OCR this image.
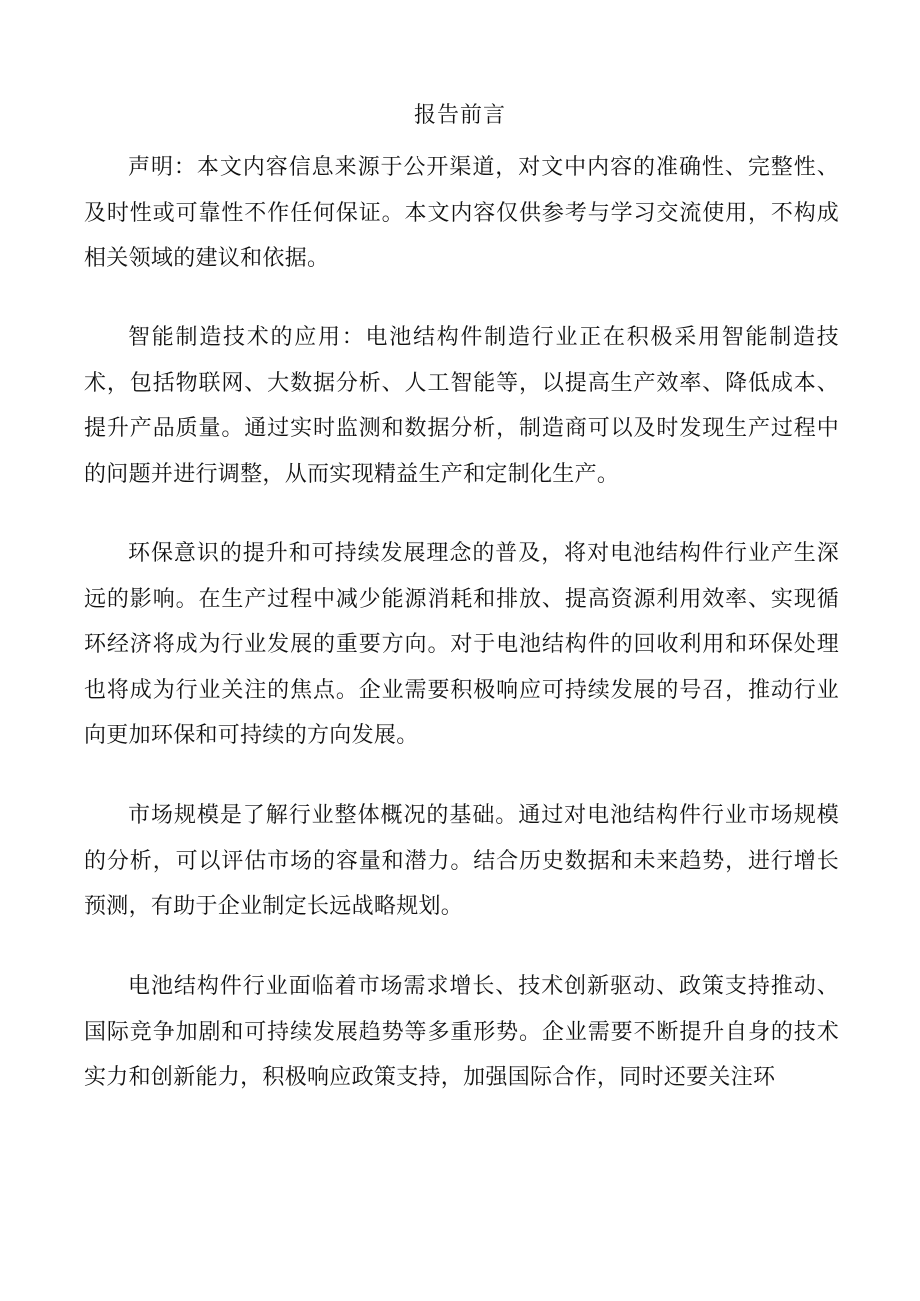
报告前言

声明：本文内容信息来源于公开渠道，对文中内容的准确性、完整性、及时性或可靠性不作任何保证。本文内容仅供参考与学习交流使用，不构成相关领域的建议和依据。

智能制造技术的应用：电池结构件制造行业正在积极采用智能制造技术，包括物联网、大数据分析、人工智能等，以提高生产效率、降低成本、提升产品质量。通过实时监测和数据分析，制造商可以及时发现生产过程中的问题并进行调整，从而实现精益生产和定制化生产。

环保意识的提升和可持续发展理念的普及，将对电池结构件行业产生深远的影响。在生产过程中减少能源消耗和排放、提高资源利用效率、实现循环经济将成为行业发展的重要方向。对于电池结构件的回收利用和环保处理也将成为行业关注的焦点。企业需要积极响应可持续发展的号召，推动行业向更加环保和可持续的方向发展。

市场规模是了解行业整体概况的基础。通过对电池结构件行业市场规模的分析，可以评估市场的容量和潜力。结合历史数据和未来趋势，进行增长预测，有助于企业制定长远战略规划。

电池结构件行业面临着市场需求增长、技术创新驱动、政策支持推动、国际竞争加剧和可持续发展趋势等多重形势。企业需要不断提升自身的技术实力和创新能力，积极响应政策支持，加强国际合作，同时还要关注环
